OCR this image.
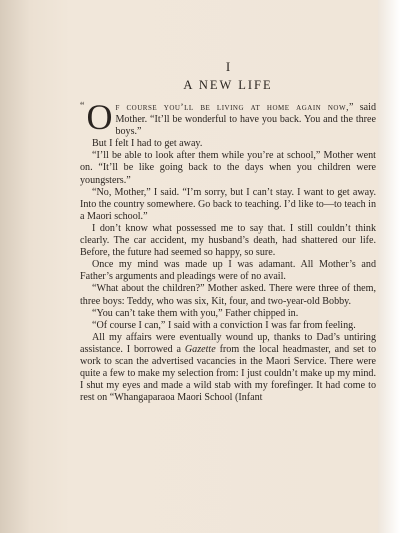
I

A NEW LIFE

“ O f course you’ll be living at home again now,” said Mother. “It’ll be wonderful to have you back. You and the three boys.”

But I felt I had to get away.

“I’ll be able to look after them while you’re at school,” Mother went on. “It’ll be like going back to the days when you children were youngsters.”

“No, Mother,” I said. “I’m sorry, but I can’t stay. I want to get away. Into the country somewhere. Go back to teaching. I’d like to—to teach in a Maori school.”

I don’t know what possessed me to say that. I still couldn’t think clearly. The car accident, my husband’s death, had shattered our life. Before, the future had seemed so happy, so sure.

Once my mind was made up I was adamant. All Mother’s and Father’s arguments and pleadings were of no avail.

“What about the children?” Mother asked. There were three of them, three boys: Teddy, who was six, Kit, four, and two-year-old Bobby.

“You can’t take them with you,” Father chipped in.

“Of course I can,” I said with a conviction I was far from feeling.

All my affairs were eventually wound up, thanks to Dad’s untiring assistance. I borrowed a Gazette from the local headmaster, and set to work to scan the advertised vacancies in the Maori Service. There were quite a few to make my selection from: I just couldn’t make up my mind. I shut my eyes and made a wild stab with my forefinger. It had come to rest on “Whangaparaoa Maori School (Infant
